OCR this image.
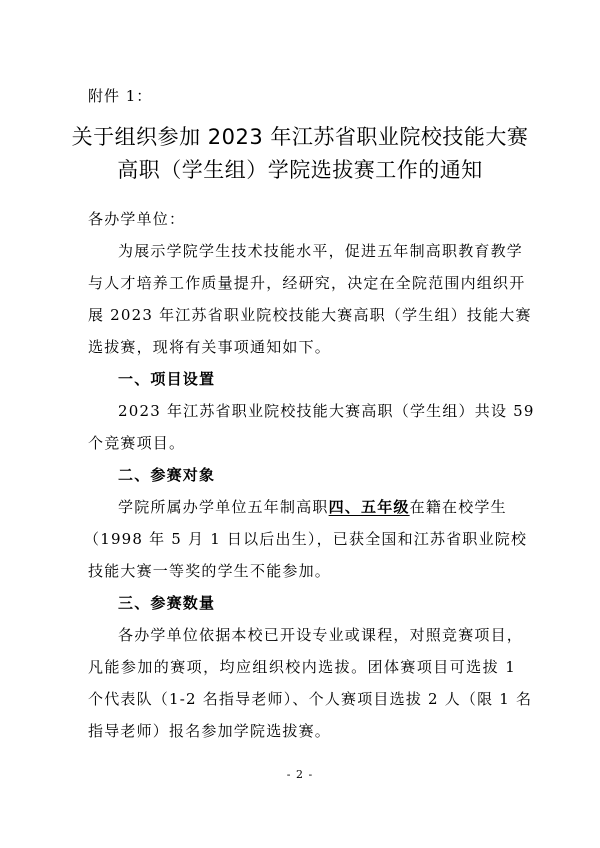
附件 1：
关于组织参加 2023 年江苏省职业院校技能大赛
高职（学生组）学院选拔赛工作的通知
各办学单位：
为展示学院学生技术技能水平，促进五年制高职教育教学
与人才培养工作质量提升，经研究，决定在全院范围内组织开
展 2023 年江苏省职业院校技能大赛高职（学生组）技能大赛
选拔赛，现将有关事项通知如下。
一、项目设置
2023 年江苏省职业院校技能大赛高职（学生组）共设 59
个竞赛项目。
二、参赛对象
学院所属办学单位五年制高职四、五年级在籍在校学生
（1998 年 5 月 1 日以后出生），已获全国和江苏省职业院校
技能大赛一等奖的学生不能参加。
三、参赛数量
各办学单位依据本校已开设专业或课程，对照竞赛项目，
凡能参加的赛项，均应组织校内选拔。团体赛项目可选拔 1
个代表队（1-2 名指导老师）、个人赛项目选拔 2 人（限 1 名
指导老师）报名参加学院选拔赛。
- 2 -
